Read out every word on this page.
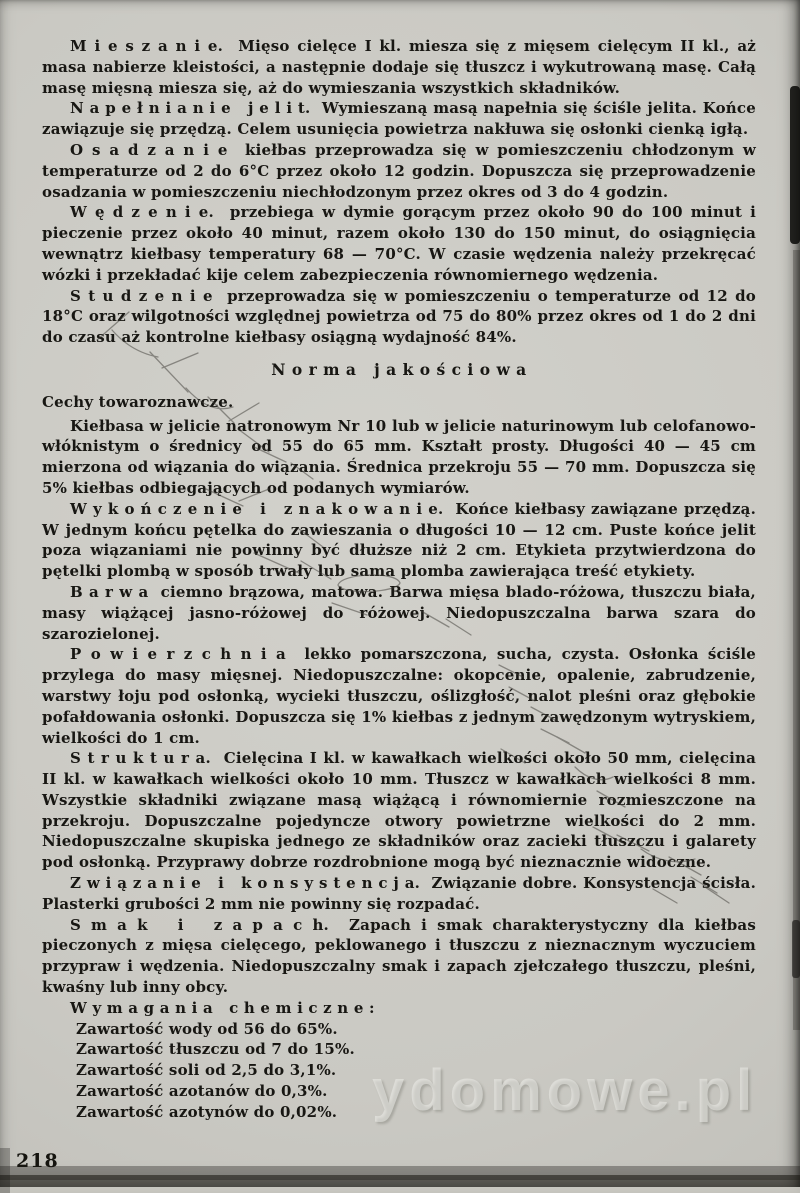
M i e s z a n i e.  Mięso cielęce I kl. miesza się z mięsem cielęcym II kl., aż masa nabierze kleistości, a następnie dodaje się tłuszcz i wykutrowaną masę. Całą masę mięsną miesza się, aż do wymieszania wszystkich składników.

N a p e ł n i a n i e   j e l i t.  Wymieszaną masą napełnia się ściśle jelita. Końce zawiązuje się przędzą. Celem usunięcia powietrza nakłuwa się osłonki cienką igłą.

O s a d z a n i e  kiełbas przeprowadza się w pomieszczeniu chłodzonym w temperaturze od 2 do 6°C przez około 12 godzin. Dopuszcza się przeprowadzenie osadzania w pomieszczeniu niechłodzonym przez okres od 3 do 4 godzin.

W ę d z e n i e.  przebiega w dymie gorącym przez około 90 do 100 minut i pieczenie przez około 40 minut, razem około 130 do 150 minut, do osiągnięcia wewnątrz kiełbasy temperatury 68 — 70°C. W czasie wędzenia należy przekręcać wózki i przekładać kije celem zabezpieczenia równomiernego wędzenia.

S t u d z e n i e  przeprowadza się w pomieszczeniu o temperaturze od 12 do 18°C oraz wilgotności względnej powietrza od 75 do 80% przez okres od 1 do 2 dni do czasu aż kontrolne kiełbasy osiągną wydajność 84%.

N o r m a   j a k o ś c i o w a

Cechy towaroznawcze.

Kiełbasa w jelicie natronowym Nr 10 lub w jelicie naturinowym lub celofanowo-włóknistym o średnicy od 55 do 65 mm. Kształt prosty. Długości 40 — 45 cm mierzona od wiązania do wiązania. Średnica przekroju 55 — 70 mm. Dopuszcza się 5% kiełbas odbiegających od podanych wymiarów.

W y k o ń c z e n i e   i   z n a k o w a n i e.  Końce kiełbasy zawiązane przędzą. W jednym końcu pętelka do zawieszania o długości 10 — 12 cm. Puste końce jelit poza wiązaniami nie powinny być dłuższe niż 2 cm. Etykieta przytwierdzona do pętelki plombą w sposób trwały lub sama plomba zawierająca treść etykiety.

B a r w a  ciemno brązowa, matowa. Barwa mięsa blado-różowa, tłuszczu biała, masy wiążącej jasno-różowej do różowej. Niedopuszczalna barwa szara do szarozielonej.

P o w i e r z c h n i a  lekko pomarszczona, sucha, czysta. Osłonka ściśle przylega do masy mięsnej. Niedopuszczalne: okopcenie, opalenie, zabrudzenie, warstwy łoju pod osłonką, wycieki tłuszczu, oślizgłość, nalot pleśni oraz głębokie pofałdowania osłonki. Dopuszcza się 1% kiełbas z jednym zawędzonym wytryskiem, wielkości do 1 cm.

S t r u k t u r a.  Cielęcina I kl. w kawałkach wielkości około 50 mm, cielęcina II kl. w kawałkach wielkości około 10 mm. Tłuszcz w kawałkach wielkości 8 mm. Wszystkie składniki związane masą wiążącą i równomiernie rozmieszczone na przekroju. Dopuszczalne pojedyncze otwory powietrzne wielkości do 2 mm. Niedopuszczalne skupiska jednego ze składników oraz zacieki tłuszczu i galarety pod osłonką. Przyprawy dobrze rozdrobnione mogą być nieznacznie widoczne.

Z w i ą z a n i e   i   k o n s y s t e n c j a.  Związanie dobre. Konsystencja ścisła. Plasterki grubości 2 mm nie powinny się rozpadać.

S m a k   i   z a p a c h.  Zapach i smak charakterystyczny dla kiełbas pieczonych z mięsa cielęcego, peklowanego i tłuszczu z nieznacznym wyczuciem przypraw i wędzenia. Niedopuszczalny smak i zapach zjełczałego tłuszczu, pleśni, kwaśny lub inny obcy.

W y m a g a n i a   c h e m i c z n e :

Zawartość wody od 56 do 65%.

Zawartość tłuszczu od 7 do 15%.

Zawartość soli od 2,5 do 3,1%.

Zawartość azotanów do 0,3%.

Zawartość azotynów do 0,02%.

218
ydomowe.pl
